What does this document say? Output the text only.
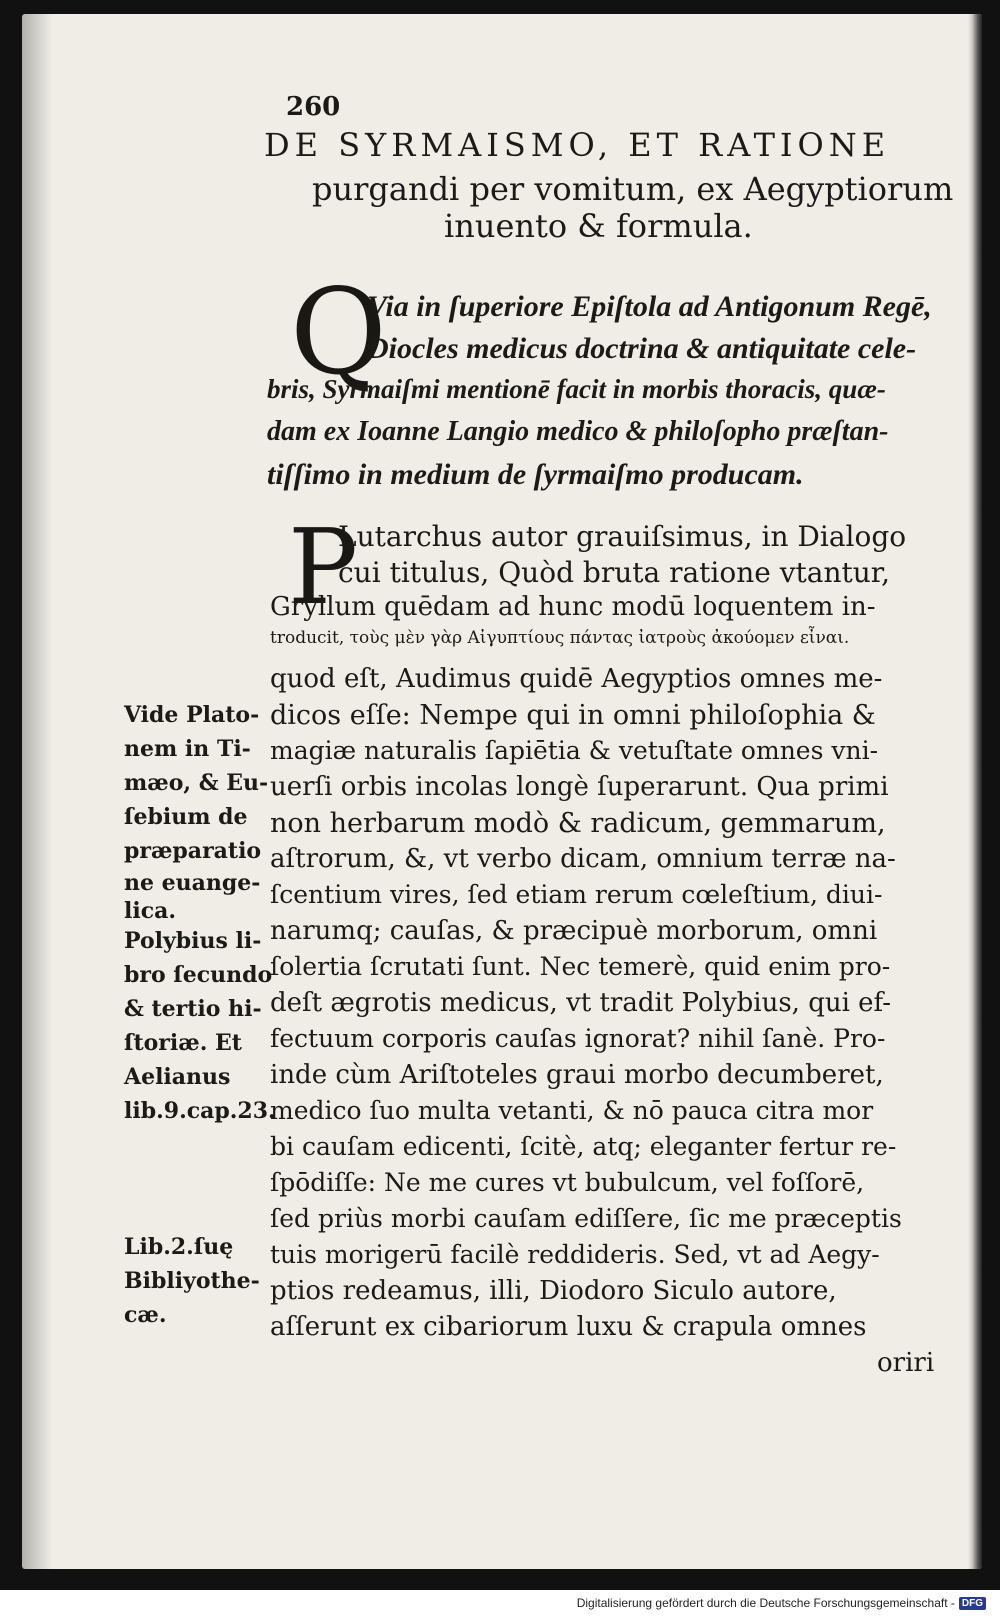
260
DE SYRMAISMO, ET RATIONE
purgandi per vomitum, ex Aegyptiorum
inuento & formula.
Q
Via in ſuperiore Epiſtola ad Antigonum Regē,
Diocles medicus doctrina & antiquitate cele-
bris, Syrmaiſmi mentionē facit in morbis thoracis, quæ-
dam ex Ioanne Langio medico & philoſopho præſtan-
tiſſimo in medium de ſyrmaiſmo producam.
P
Lutarchus autor grauiſsimus, in Dialogo
cui titulus, Quòd bruta ratione vtantur,
Gryllum quēdam ad hunc modū loquentem in-
troducit, τοὺς μὲν γὰρ Αἰγυπτίους πάντας ἰατροὺς ἀκούομεν εἶναι.
quod eſt, Audimus quidē Aegyptios omnes me-
dicos eſſe: Nempe qui in omni philoſophia &
magiæ naturalis ſapiētia & vetuſtate omnes vni-
uerſi orbis incolas longè ſuperarunt. Qua primi
non herbarum modò & radicum, gemmarum,
aſtrorum, &, vt verbo dicam, omnium terræ na-
ſcentium vires, ſed etiam rerum cœleſtium, diui-
narumq; cauſas, & præcipuè morborum, omni
ſolertia ſcrutati ſunt. Nec temerè, quid enim pro-
deſt ægrotis medicus, vt tradit Polybius, qui ef-
fectuum corporis cauſas ignorat? nihil ſanè. Pro-
inde cùm Ariſtoteles graui morbo decumberet,
medico ſuo multa vetanti, & nō pauca citra mor
bi cauſam edicenti, ſcitè, atq; eleganter fertur re-
ſpōdiſſe: Ne me cures vt bubulcum, vel foſſorē,
ſed priùs morbi cauſam ediſſere, ſic me præceptis
tuis morigerū facilè reddideris. Sed, vt ad Aegy-
ptios redeamus, illi, Diodoro Siculo autore,
aſſerunt ex cibariorum luxu & crapula omnes
oriri
Vide Plato-
nem in Ti-
mæo, & Eu-
ſebium de
præparatio
ne euange-
lica.
Polybius li-
bro ſecundo
& tertio hi-
ſtoriæ. Et
Aelianus
lib.9.cap.23.
Lib.2.ſuę
Bibliyothe-
cæ.
Digitalisierung gefördert durch die Deutsche Forschungsgemeinschaft - DFG
